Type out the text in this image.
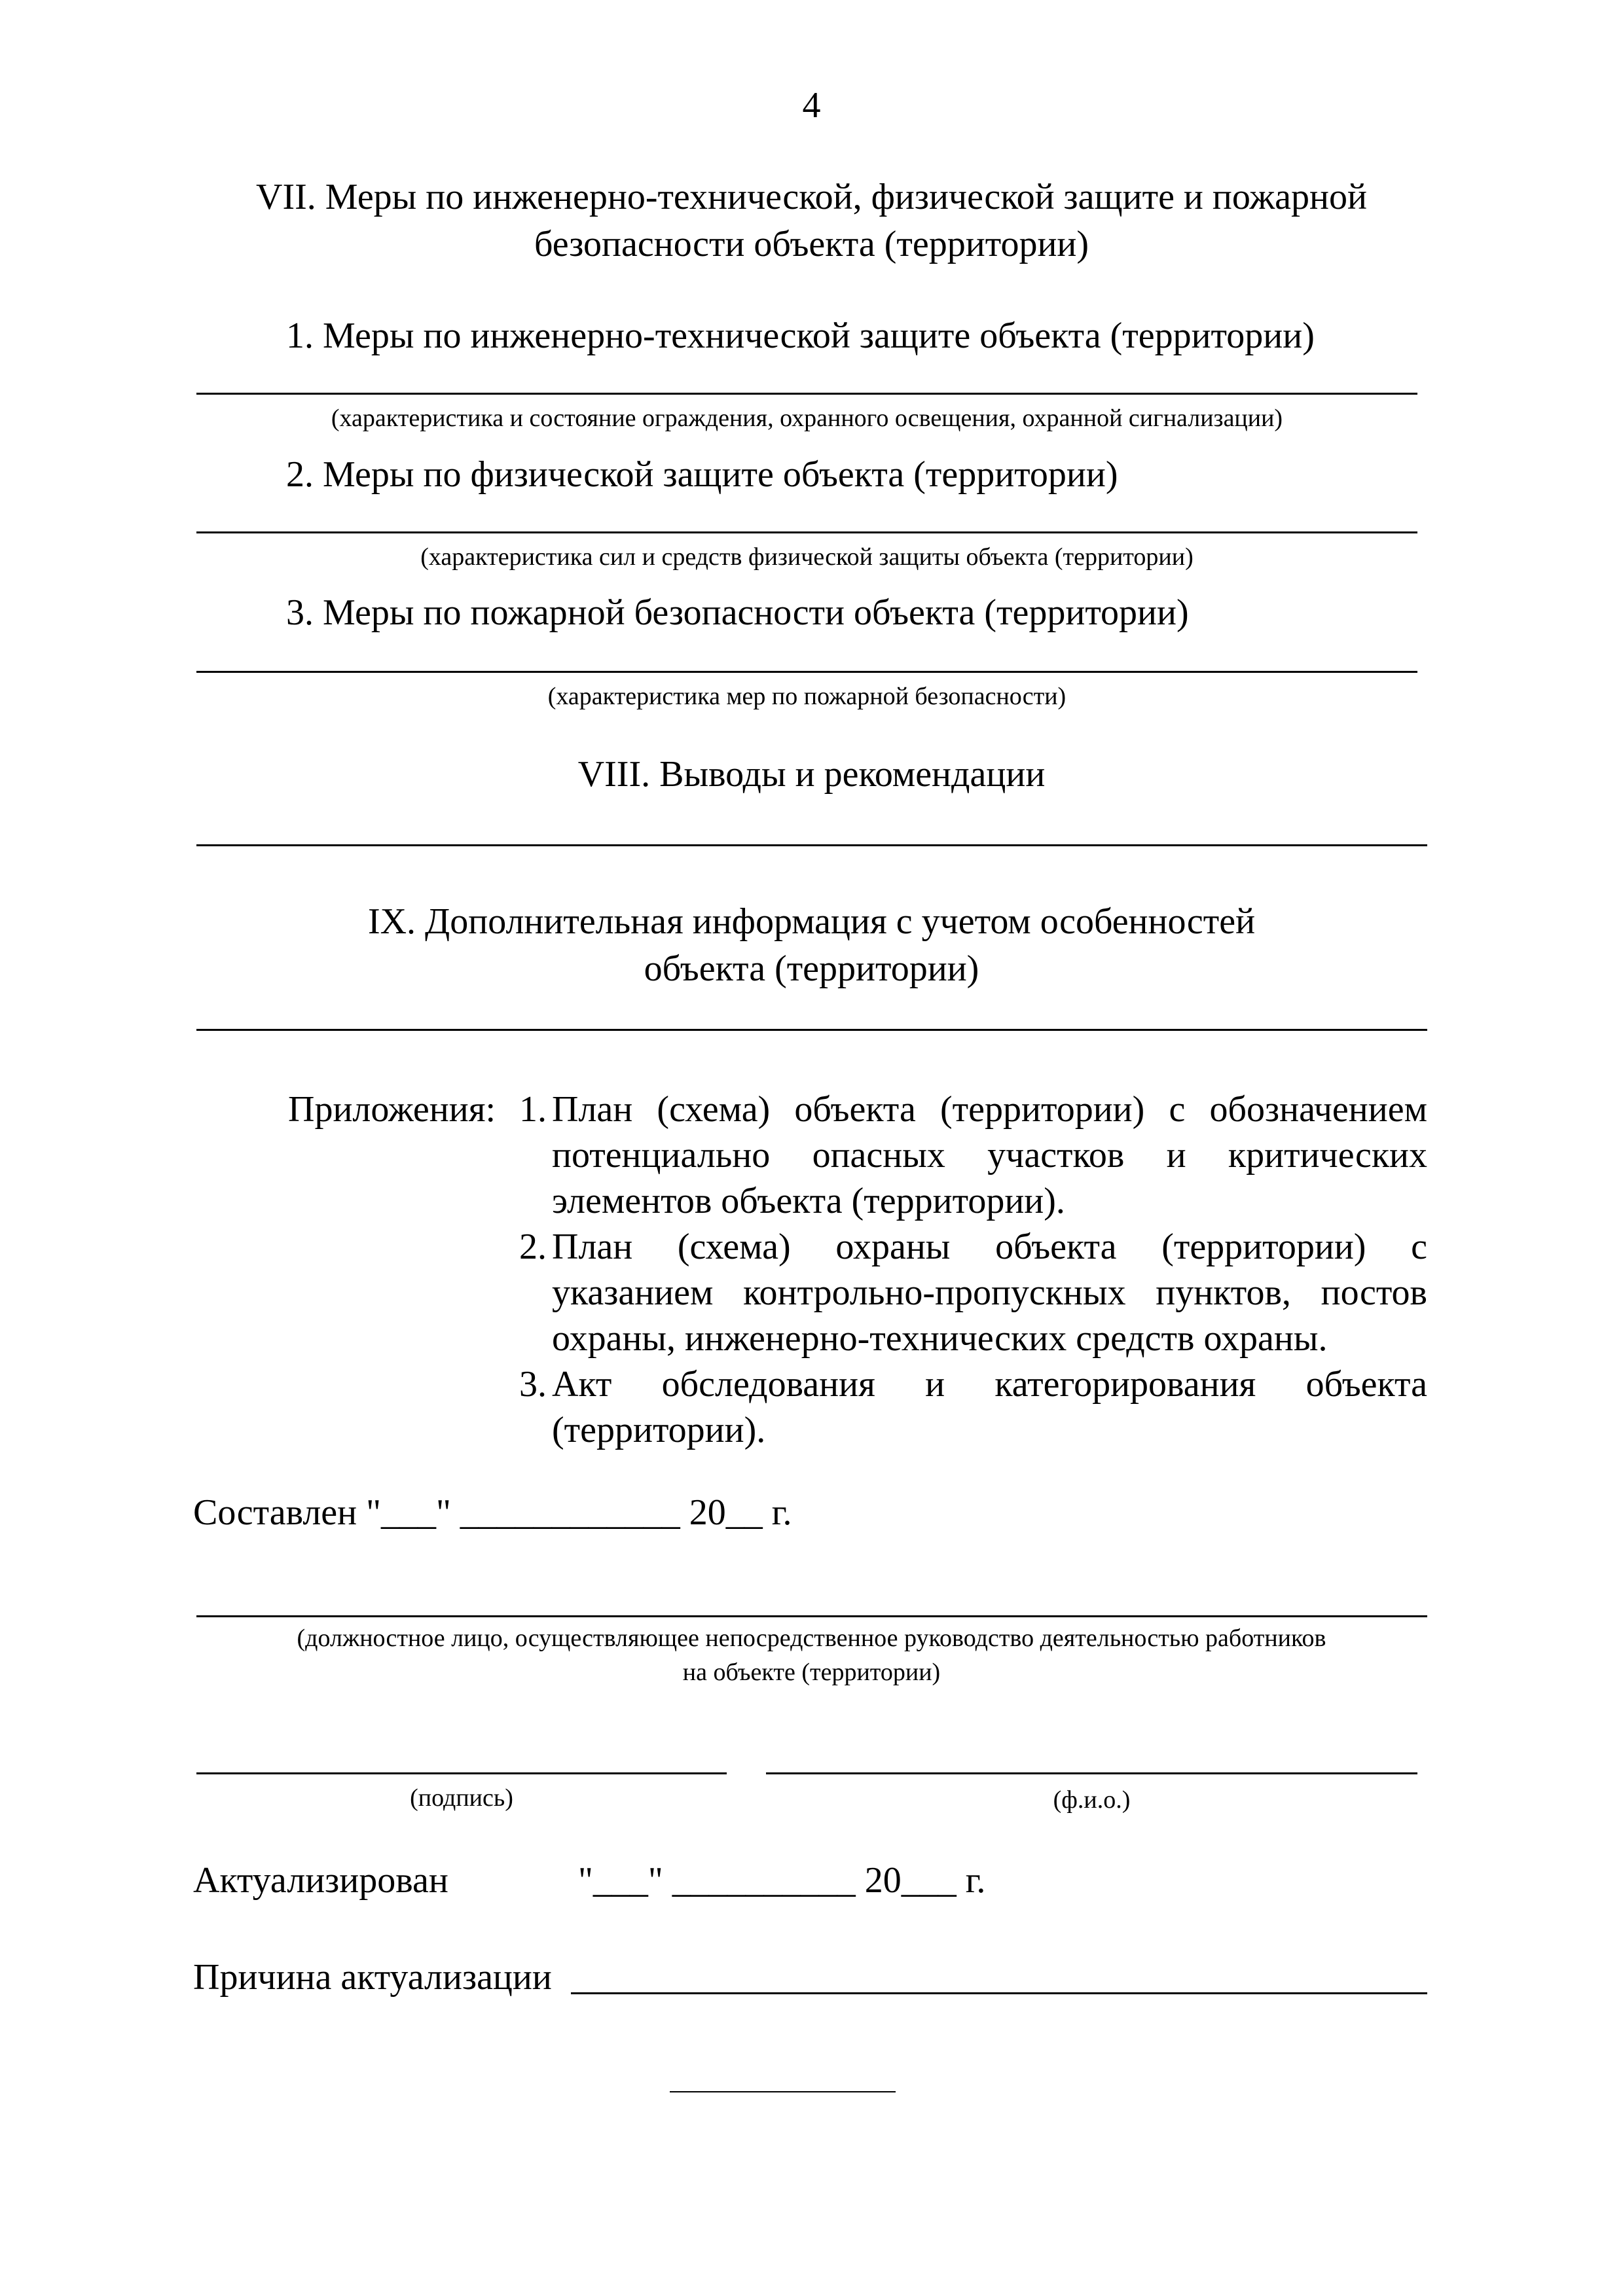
4
VII. Меры по инженерно-технической, физической защите и пожарной
безопасности объекта (территории)
1. Меры по инженерно-технической защите объекта (территории)
(характеристика и состояние ограждения, охранного освещения, охранной сигнализации)
2. Меры по физической защите объекта (территории)
(характеристика сил и средств физической защиты объекта (территории)
3. Меры по пожарной безопасности объекта (территории)
(характеристика мер по пожарной безопасности)
VIII. Выводы и рекомендации
IX. Дополнительная информация с учетом особенностей
объекта (территории)
Приложения: 1. План (схема) объекта (территории) с обозначением
потенциально опасных участков и критических
элементов объекта (территории).
2. План (схема) охраны объекта (территории) с
указанием контрольно-пропускных пунктов, постов
охраны, инженерно-технических средств охраны.
3. Акт обследования и категорирования объекта
(территории).
Составлен "___" ____________ 20__ г.
(должностное лицо, осуществляющее непосредственное руководство деятельностью работников
на объекте (территории)
(подпись)	(ф.и.о.)
Актуализирован	"___" __________ 20___ г.
Причина актуализации
